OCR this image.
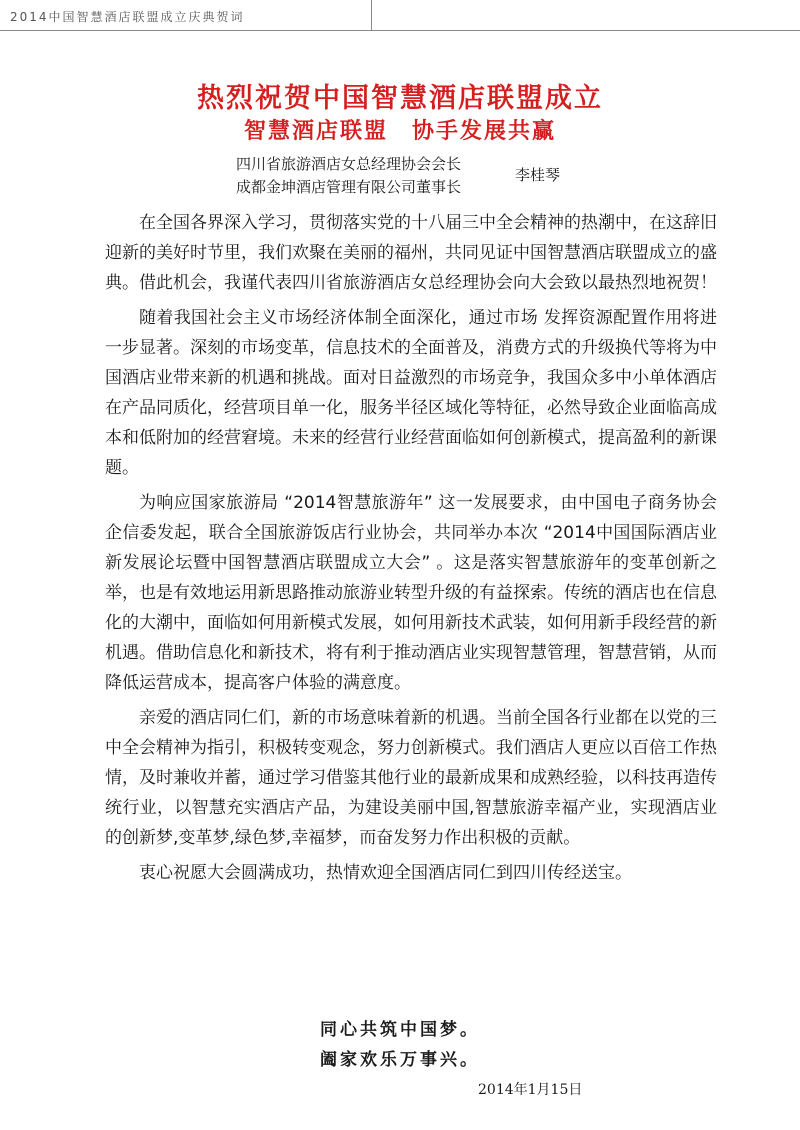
2014中国智慧酒店联盟成立庆典贺词
热烈祝贺中国智慧酒店联盟成立
智慧酒店联盟　协手发展共赢
四川省旅游酒店女总经理协会会长
成都金坤酒店管理有限公司董事长
李桂琴

在全国各界深入学习，贯彻落实党的十八届三中全会精神的热潮中，在这辞旧迎新的美好时节里，我们欢聚在美丽的福州，共同见证中国智慧酒店联盟成立的盛典。借此机会，我谨代表四川省旅游酒店女总经理协会向大会致以最热烈地祝贺！

随着我国社会主义市场经济体制全面深化，通过市场 发挥资源配置作用将进一步显著。深刻的市场变革，信息技术的全面普及，消费方式的升级换代等将为中国酒店业带来新的机遇和挑战。面对日益激烈的市场竞争，我国众多中小单体酒店在产品同质化，经营项目单一化，服务半径区域化等特征，必然导致企业面临高成本和低附加的经营窘境。未来的经营行业经营面临如何创新模式，提高盈利的新课题。

为响应国家旅游局 “2014智慧旅游年” 这一发展要求，由中国电子商务协会企信委发起，联合全国旅游饭店行业协会，共同举办本次 “2014中国国际酒店业新发展论坛暨中国智慧酒店联盟成立大会” 。这是落实智慧旅游年的变革创新之举，也是有效地运用新思路推动旅游业转型升级的有益探索。传统的酒店也在信息化的大潮中，面临如何用新模式发展，如何用新技术武装，如何用新手段经营的新机遇。借助信息化和新技术，将有利于推动酒店业实现智慧管理，智慧营销，从而降低运营成本，提高客户体验的满意度。

亲爱的酒店同仁们，新的市场意味着新的机遇。当前全国各行业都在以党的三中全会精神为指引，积极转变观念，努力创新模式。我们酒店人更应以百倍工作热情，及时兼收并蓄，通过学习借鉴其他行业的最新成果和成熟经验，以科技再造传统行业，以智慧充实酒店产品，为建设美丽中国,智慧旅游幸福产业，实现酒店业的创新梦,变革梦,绿色梦,幸福梦，而奋发努力作出积极的贡献。

衷心祝愿大会圆满成功，热情欢迎全国酒店同仁到四川传经送宝。

同心共筑中国梦。
阖家欢乐万事兴。
2014年1月15日
